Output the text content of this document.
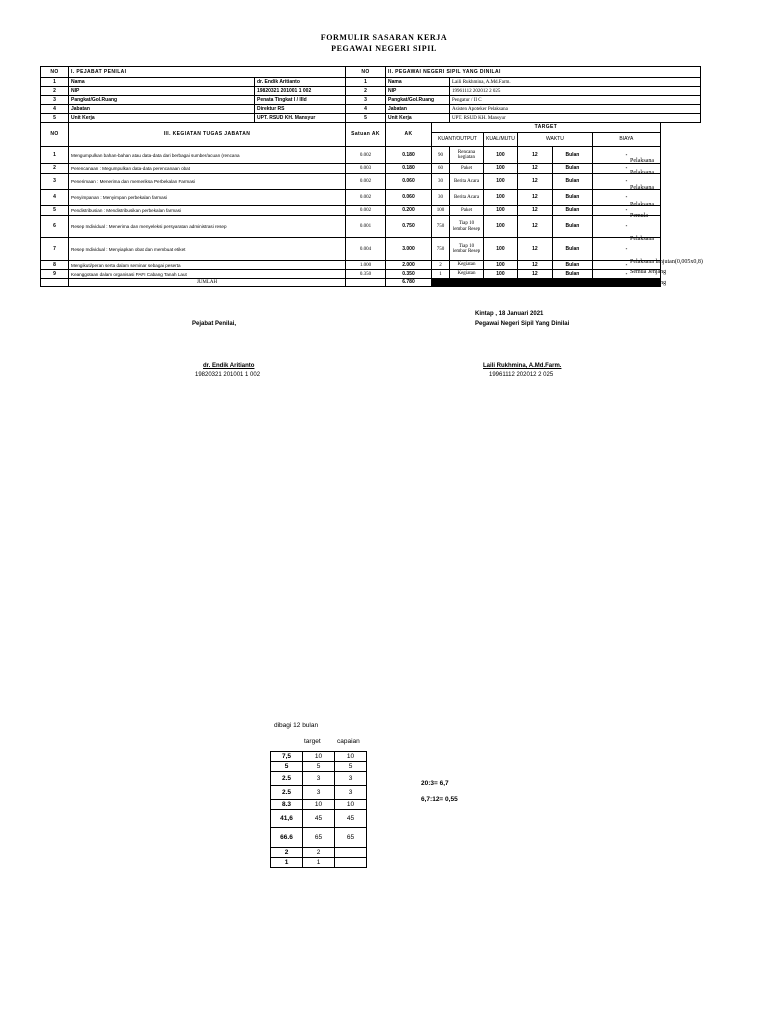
FORMULIR SASARAN KERJA
PEGAWAI NEGERI SIPIL
NO	I. PEJABAT PENILAI		NO	II. PEGAWAI NEGERI SIPIL YANG DINILAI							
1	Nama	dr. Endik Aritianto	1	Nama		Laili Rukhmina, A.Md.Farm.					
2	NIP	19820321 201001 1 002	2	NIP		19961112 202012 2 025					
3	Pangkat/Gol.Ruang	Penata Tingkat I / IIId	3	Pangkat/Gol.Ruang		Pengatur / II C					
4	Jabatan	Direktur RS	4	Jabatan		Asisten Apoteker Pelaksana					
5	Unit Kerja	UPT. RSUD KH. Mansyur	5	Unit Kerja		UPT. RSUD KH. Mansyur					
NO	III. KEGIATAN TUGAS JABATAN		Satuan AK	AK	TARGET						
					KUANT/OUTPUT		KUAL/MUTU	WAKTU		BIAYA	
1	Mengumpulkan bahan-bahan atau data-data dari berbagai sumber/acuan (rencana		0.002	0.180	90	Rencana kegiatan	100	12	Bulan	-	
2	Perencanaan : Megumpulkan data-data perencanaan obat		0.003	0.180	60	Paket	100	12	Bulan	-	
3	Penerimaan : Menerima dan memeriksa Perbekalan Farmasi		0.002	0.060	30	Berita Acara	100	12	Bulan	-	
4	Penyimpanan : Menyimpan perbekalan farmasi		0.002	0.060	30	Berita Acara	100	12	Bulan	-	
5	Pendistribusian : Mendistribusikan perbekalan farmasi		0.002	0.200	100	Paket	100	12	Bulan	-	
6	Resep Individual : Menerima dan menyeleksi persyaratan administrasi resep		0.001	0.750	750	Tiap 10 lembar Resep	100	12	Bulan	-	
7	Resep Individual : Menyiapkan obat dan membuat etiket		0.004	3.000	750	Tiap 10 lembar Resep	100	12	Bulan	-	
8	Mengikuti/peran serta dalam seminar sebagai peserta		1.000	2.000	2	Kegiatan	100	12	Bulan	-	
9	Keanggotaan dalam organisasi PAFI Cabang Tanah Laut		0.350	0.350	1	Kegiatan	100	12	Bulan	-	
	JUMLAH			6.780							
Pelaksana
Pelaksana
Pelaksana
Pelaksana
Pemula
Pelaksana
Pelaksana lanjutan(0,005x0,8)
Semua Jenjang
Semua Jenjang
Kintap , 18 Januari 2021
Pejabat Penilai,	Pegawai Negeri Sipil Yang Dinilai
dr. Endik Aritianto
19820321 201001 1 002
Laili Rukhmina, A.Md.Farm.
19961112 202012 2 025
dibagi 12 bulan
target	capaian
7,5	10	10
5	5	5
2.5	3	3
2.5	3	3
8.3	10	10
41,6	45	45
66.6	65	65
2	2	
1	1	
20:3= 6,7
6,7:12= 0,55
